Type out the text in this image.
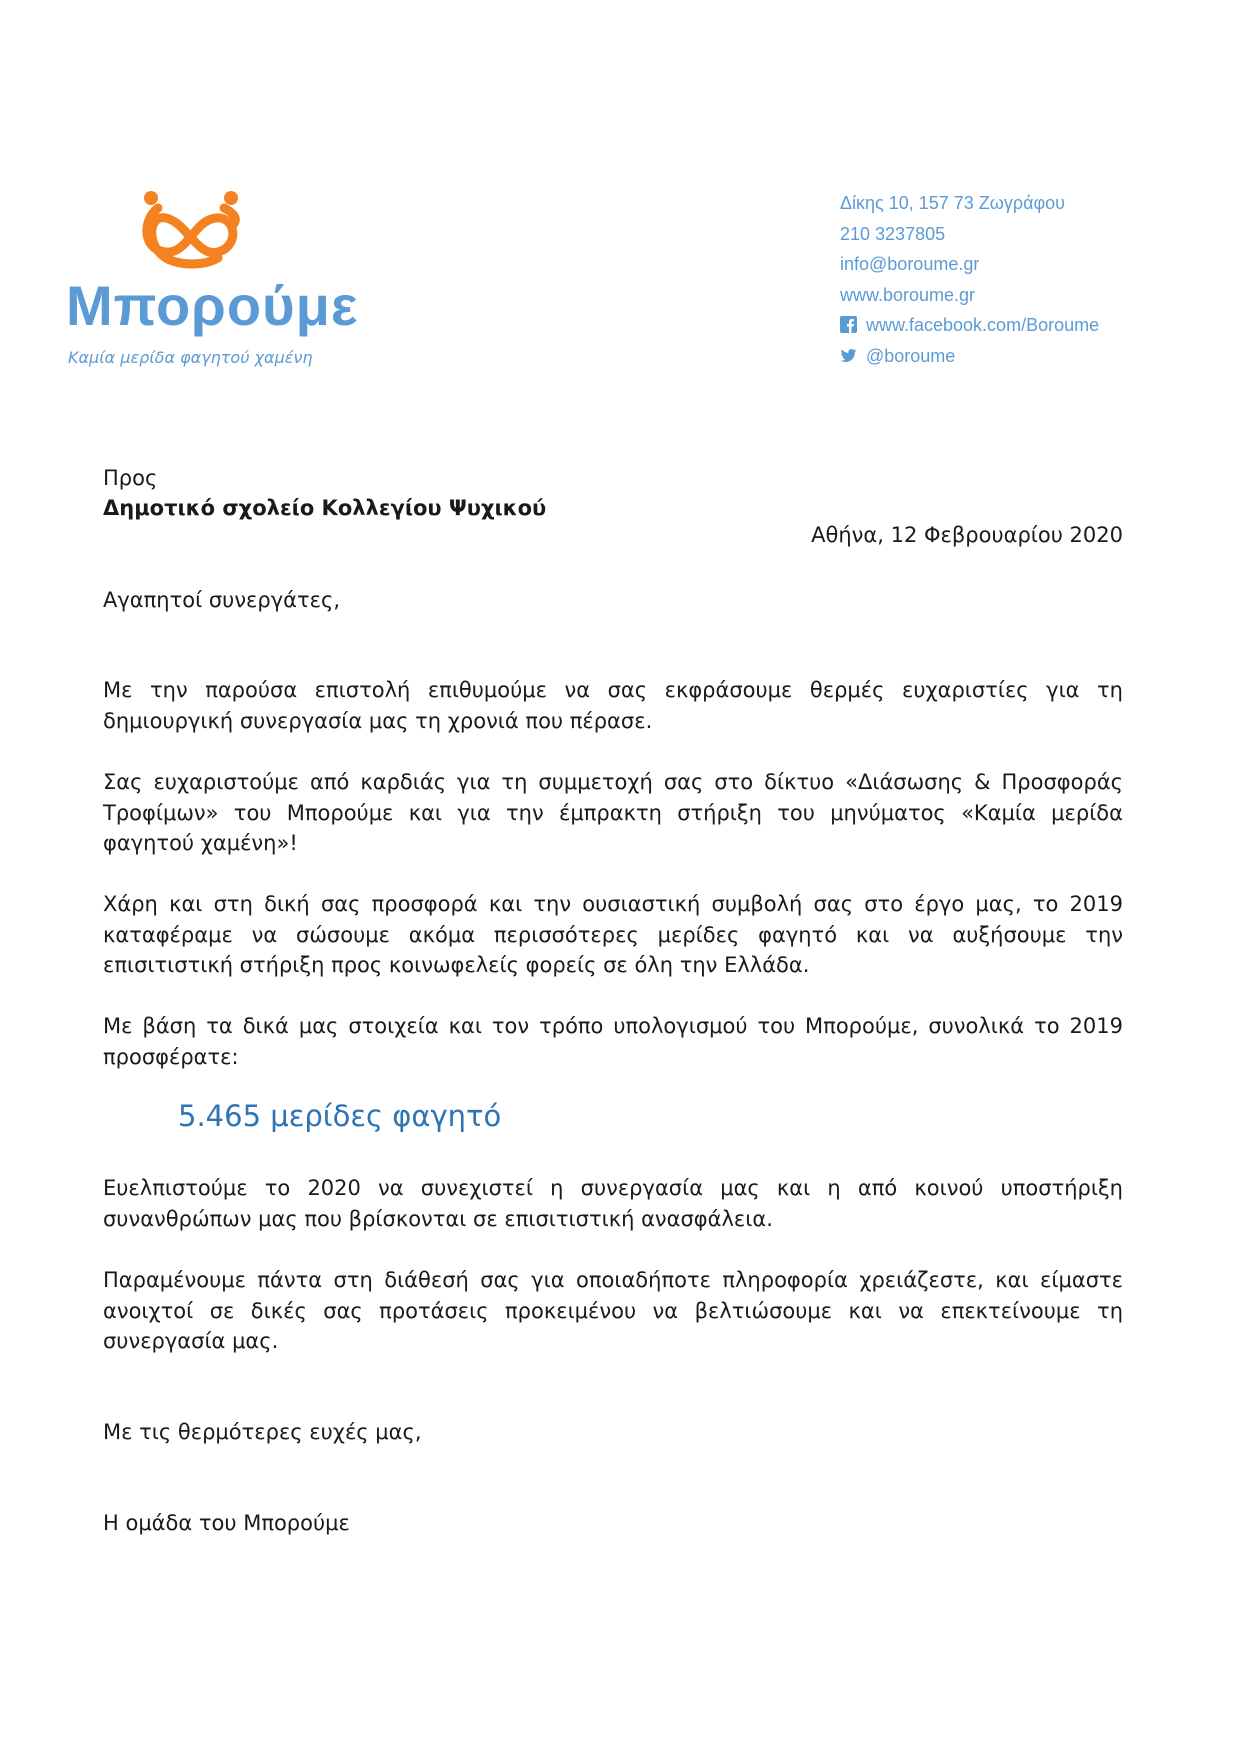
Μπορούμε
Καμία μερίδα φαγητού χαμένη
Δίκης 10, 157 73 Ζωγράφου
210 3237805
info@boroume.gr
www.boroume.gr
www.facebook.com/Boroume
@boroume
Προς
Δημοτικό σχολείο Κολλεγίου Ψυχικού
Αθήνα, 12 Φεβρουαρίου 2020
Αγαπητοί συνεργάτες,
Με την παρούσα επιστολή επιθυμούμε να σας εκφράσουμε θερμές ευχαριστίες για τη δημιουργική συνεργασία μας τη χρονιά που πέρασε.
Σας ευχαριστούμε από καρδιάς για τη συμμετοχή σας στο δίκτυο «Διάσωσης & Προσφοράς Τροφίμων» του Μπορούμε και για την έμπρακτη στήριξη του μηνύματος «Καμία μερίδα φαγητού χαμένη»!
Χάρη και στη δική σας προσφορά και την ουσιαστική συμβολή σας στο έργο μας, το 2019 καταφέραμε να σώσουμε ακόμα περισσότερες μερίδες φαγητό και να αυξήσουμε την επισιτιστική στήριξη προς κοινωφελείς φορείς σε όλη την Ελλάδα.
Με βάση τα δικά μας στοιχεία και τον τρόπο υπολογισμού του Μπορούμε, συνολικά το 2019 προσφέρατε:
5.465 μερίδες φαγητό
Ευελπιστούμε το 2020 να συνεχιστεί η συνεργασία μας και η από κοινού υποστήριξη συνανθρώπων μας που βρίσκονται σε επισιτιστική ανασφάλεια.
Παραμένουμε πάντα στη διάθεσή σας για οποιαδήποτε πληροφορία χρειάζεστε, και είμαστε ανοιχτοί σε δικές σας προτάσεις προκειμένου να βελτιώσουμε και να επεκτείνουμε τη συνεργασία μας.
Με τις θερμότερες ευχές μας,
Η ομάδα του Μπορούμε
